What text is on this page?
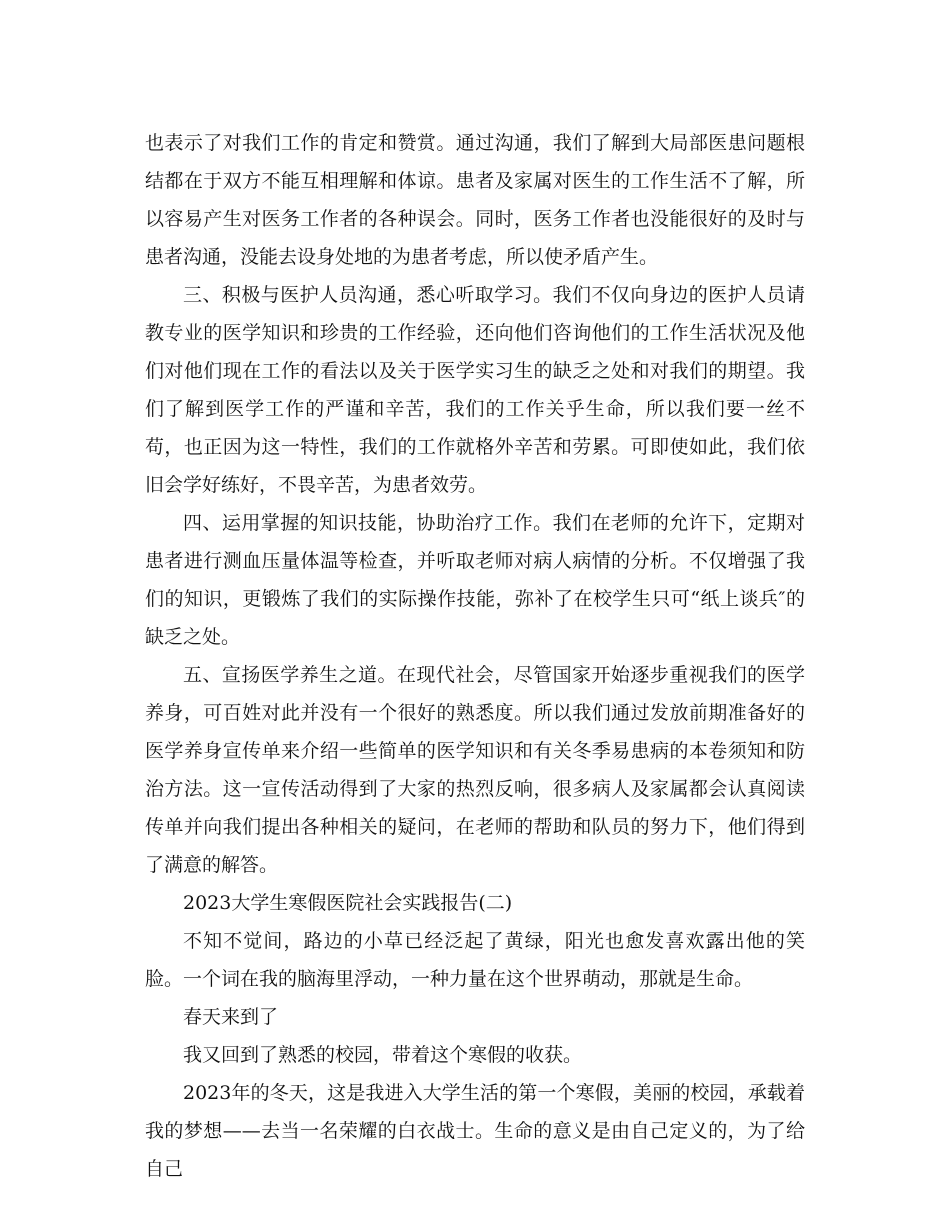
也表示了对我们工作的肯定和赞赏。通过沟通，我们了解到大局部医患问题根结都在于双方不能互相理解和体谅。患者及家属对医生的工作生活不了解，所以容易产生对医务工作者的各种误会。同时，医务工作者也没能很好的及时与患者沟通，没能去设身处地的为患者考虑，所以使矛盾产生。

三、积极与医护人员沟通，悉心听取学习。我们不仅向身边的医护人员请教专业的医学知识和珍贵的工作经验，还向他们咨询他们的工作生活状况及他们对他们现在工作的看法以及关于医学实习生的缺乏之处和对我们的期望。我们了解到医学工作的严谨和辛苦，我们的工作关乎生命，所以我们要一丝不苟，也正因为这一特性，我们的工作就格外辛苦和劳累。可即使如此，我们依旧会学好练好，不畏辛苦，为患者效劳。

四、运用掌握的知识技能，协助治疗工作。我们在老师的允许下，定期对患者进行测血压量体温等检查，并听取老师对病人病情的分析。不仅增强了我们的知识，更锻炼了我们的实际操作技能，弥补了在校学生只可“纸上谈兵″的缺乏之处。

五、宣扬医学养生之道。在现代社会，尽管国家开始逐步重视我们的医学养身，可百姓对此并没有一个很好的熟悉度。所以我们通过发放前期准备好的医学养身宣传单来介绍一些简单的医学知识和有关冬季易患病的本卷须知和防治方法。这一宣传活动得到了大家的热烈反响，很多病人及家属都会认真阅读传单并向我们提出各种相关的疑问，在老师的帮助和队员的努力下，他们得到了满意的解答。

2023大学生寒假医院社会实践报告(二)

不知不觉间，路边的小草已经泛起了黄绿，阳光也愈发喜欢露出他的笑脸。一个词在我的脑海里浮动，一种力量在这个世界萌动，那就是生命。

春天来到了

我又回到了熟悉的校园，带着这个寒假的收获。

2023年的冬天，这是我进入大学生活的第一个寒假，美丽的校园，承载着我的梦想——去当一名荣耀的白衣战士。生命的意义是由自己定义的，为了给自己
